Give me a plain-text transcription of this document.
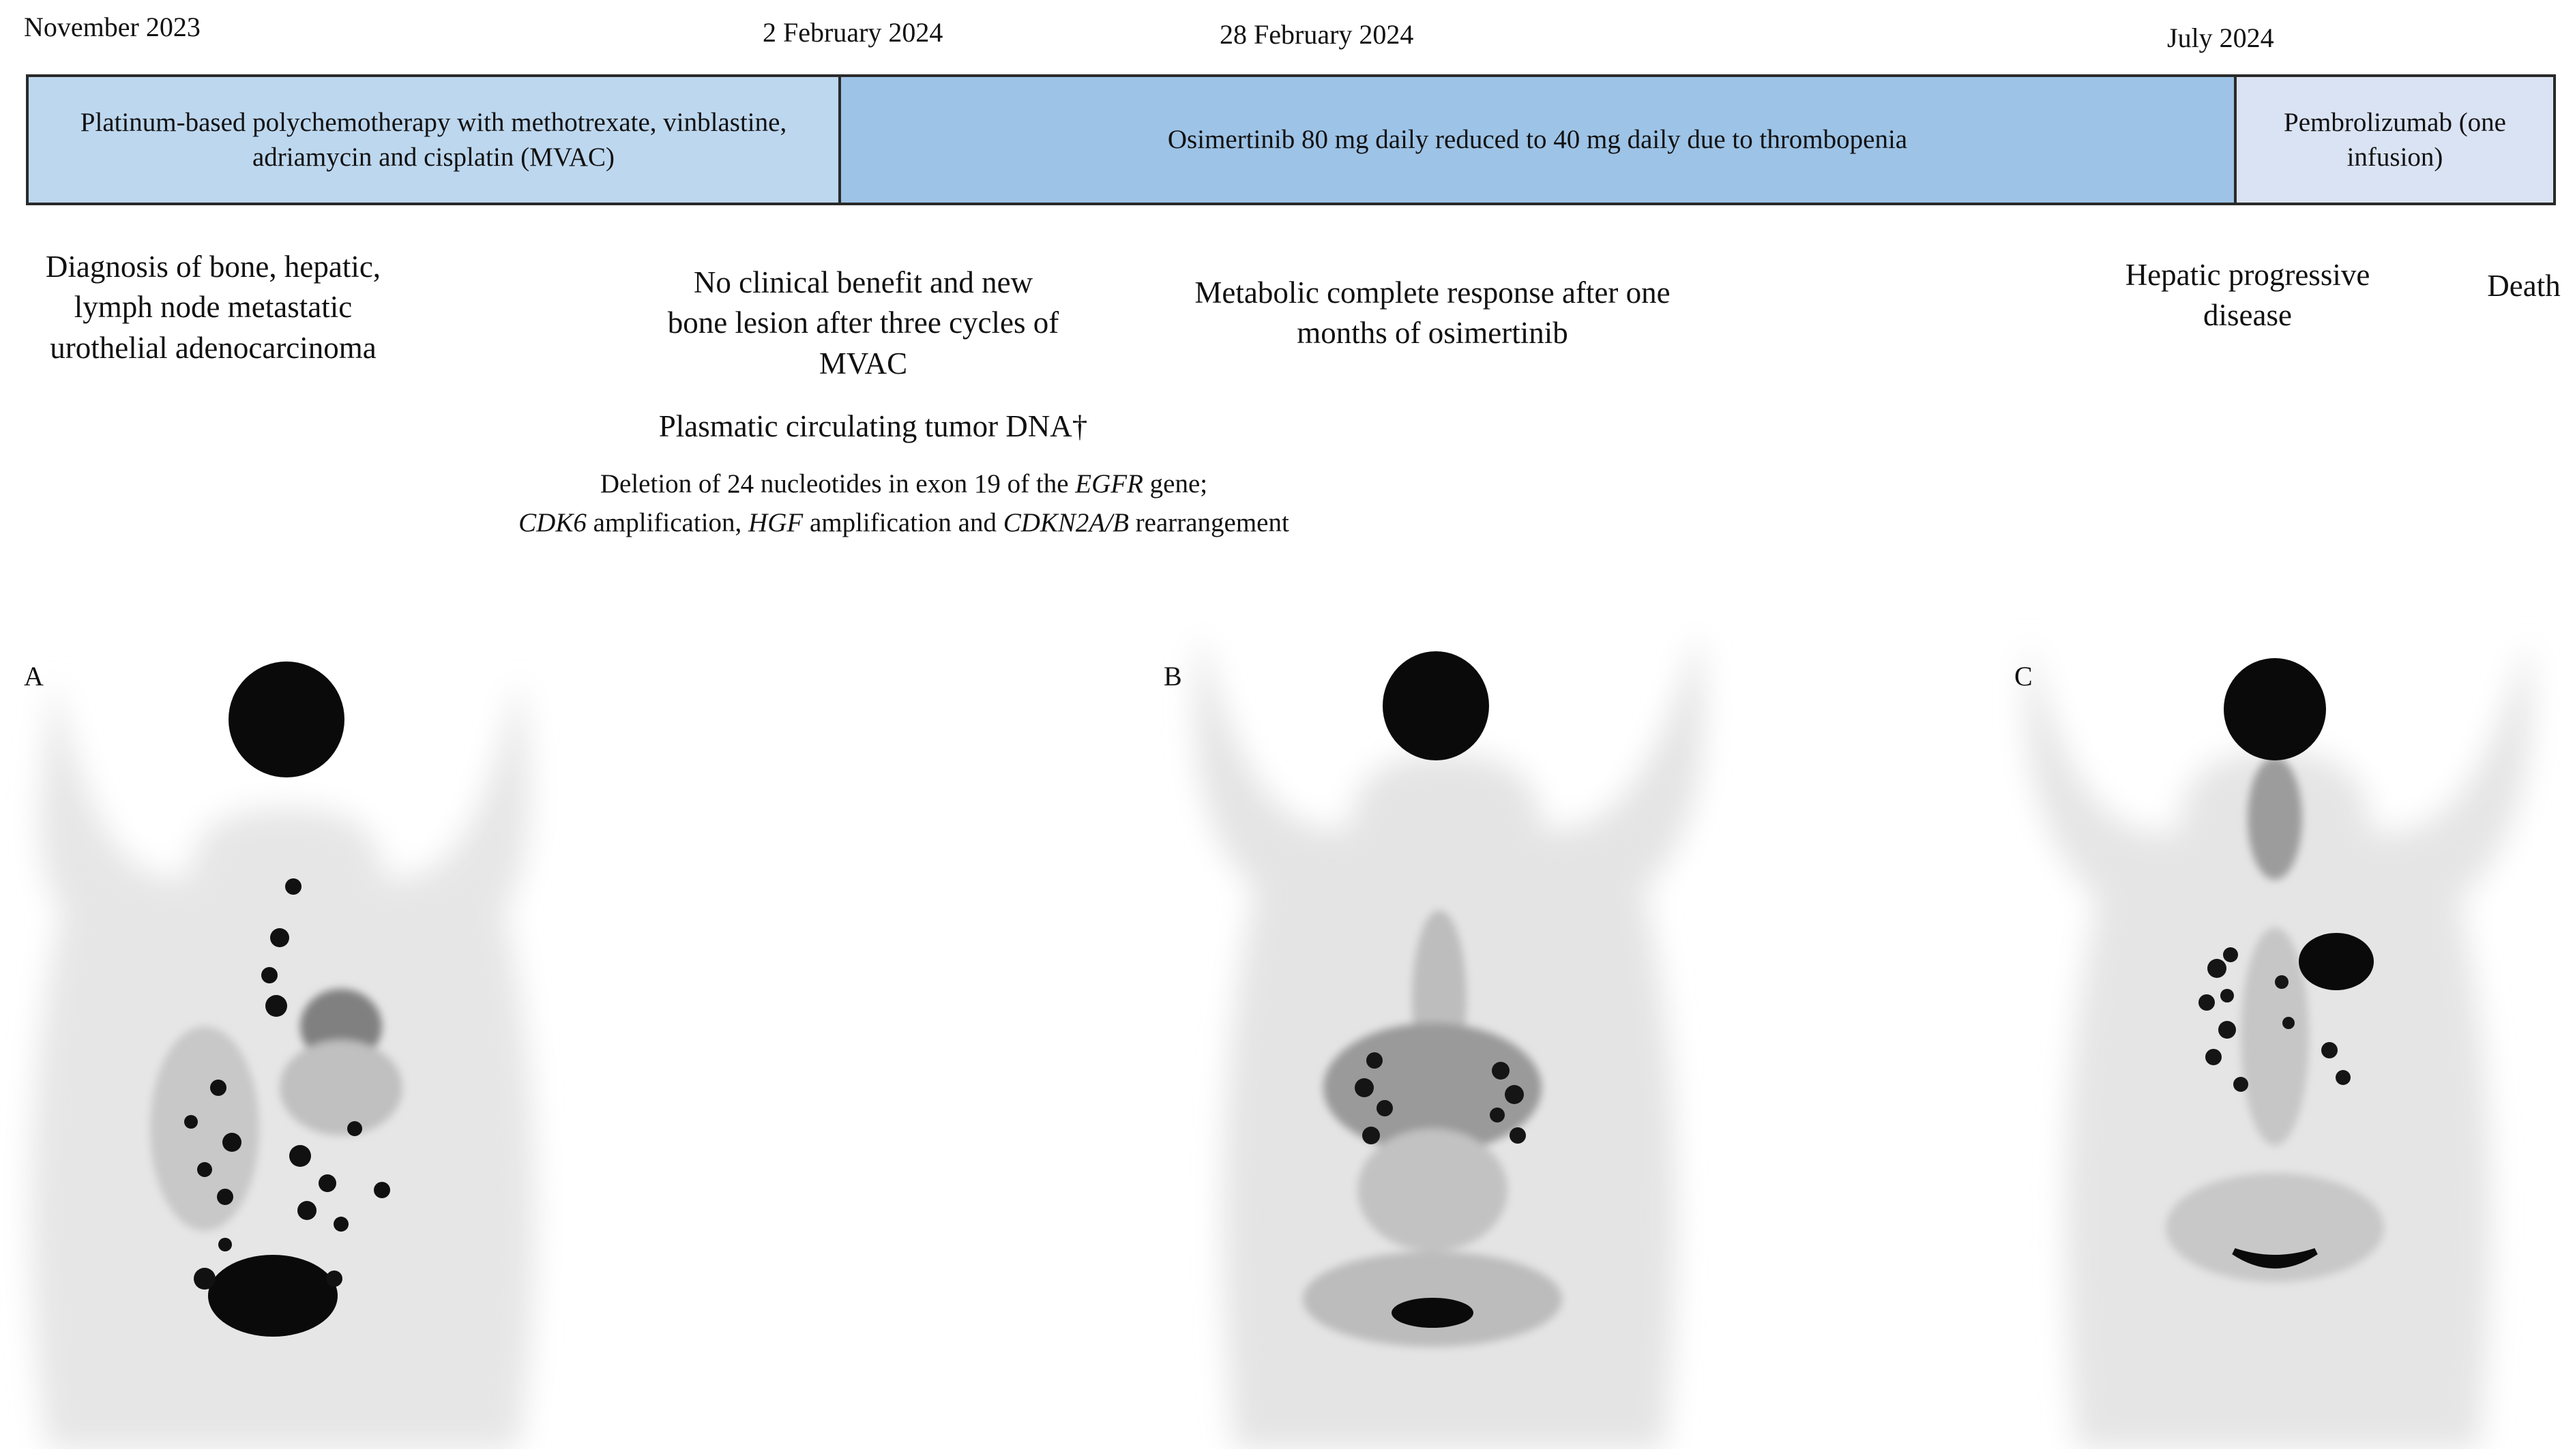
November 2023	2 February 2024	28 February 2024	July 2024
Platinum-based polychemotherapy with methotrexate, vinblastine, adriamycin and cisplatin (MVAC)
Osimertinib 80 mg daily reduced to 40 mg daily due to thrombopenia
Pembrolizumab (one infusion)
Diagnosis of bone, hepatic, lymph node metastatic urothelial adenocarcinoma
No clinical benefit and new bone lesion after three cycles of MVAC
Plasmatic circulating tumor DNA†
Deletion of 24 nucleotides in exon 19 of the EGFR gene;
CDK6 amplification, HGF amplification and CDKN2A/B rearrangement
Metabolic complete response after one months of osimertinib
Hepatic progressive disease
Death
A	B	C
